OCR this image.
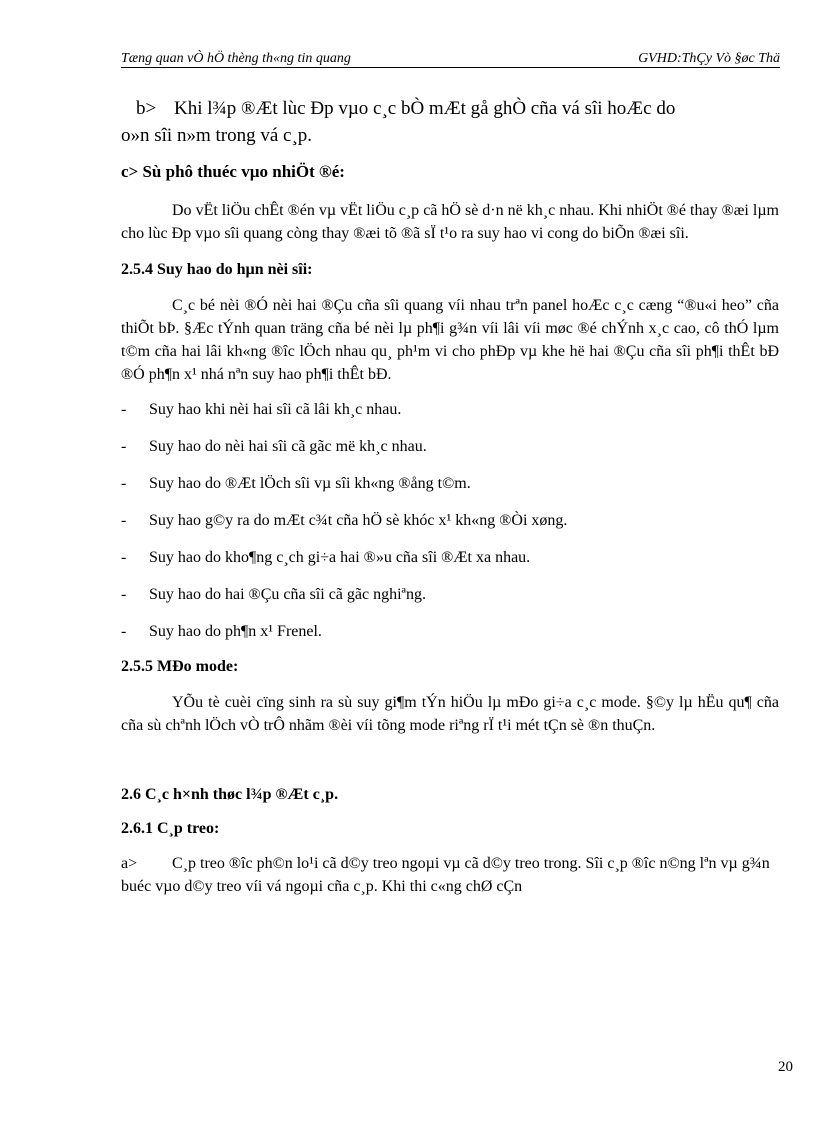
Tæng quan vÒ hÖ thèng th«ng tin quang	GVHD:ThÇy Vò §øc Thä

b> Khi l¾p ®Æt lùc Ðp vµo c¸c bÒ mÆt gå ghÒ cña vá sîi hoÆc do

o»n sîi n»m trong vá c¸p.

c> Sù phô thuéc vµo nhiÖt ®é:

Do vËt liÖu chÊt ®én vµ vËt liÖu c¸p cã hÖ sè d·n në kh¸c nhau. Khi nhiÖt ®é thay ®æi lµm cho lùc Ðp vµo sîi quang còng thay ®æi tõ ®ã sÏ t¹o ra suy hao vi cong do biÕn ®æi sîi.

2.5.4 Suy hao do hµn nèi sîi:

C¸c bé nèi ®Ó nèi hai ®Çu cña sîi quang víi nhau trªn panel hoÆc c¸c cæng “®u«i heo” cña thiÕt bÞ. §Æc tÝnh quan träng cña bé nèi lµ ph¶i g¾n víi lâi víi møc ®é chÝnh x¸c cao, cô thÓ lµm t©m cña hai lâi kh«ng ®îc lÖch nhau qu¸ ph¹m vi cho phÐp vµ khe hë hai ®Çu cña sîi ph¶i thÊt bÐ ®Ó ph¶n x¹ nhá nªn suy hao ph¶i thÊt bÐ.

- Suy hao khi nèi hai sîi cã lâi kh¸c nhau.
- Suy hao do nèi hai sîi cã gãc më kh¸c nhau.
- Suy hao do ®Æt lÖch sîi vµ sîi kh«ng ®ång t©m.
- Suy hao g©y ra do mÆt c¾t cña hÖ sè khóc x¹ kh«ng ®Òi xøng.
- Suy hao do kho¶ng c¸ch gi÷a hai ®»u cña sîi ®Æt xa nhau.
- Suy hao do hai ®Çu cña sîi cã gãc nghiªng.
- Suy hao do ph¶n x¹ Frenel.

2.5.5 MÐo mode:

YÕu tè cuèi cïng sinh ra sù suy gi¶m tÝn hiÖu lµ mÐo gi÷a c¸c mode. §©y lµ hËu qu¶ cña cña sù chªnh lÖch vÒ trÔ nhãm ®èi víi tõng mode riªng rÏ t¹i mét tÇn sè ®n thuÇn.

2.6 C¸c h×nh thøc l¾p ®Æt c¸p.

2.6.1 C¸p treo:

a> C¸p treo ®îc ph©n lo¹i cã d©y treo ngoµi vµ cã d©y treo trong. Sîi c¸p ®îc n©ng lªn vµ g¾n buéc vµo d©y treo víi vá ngoµi cña c¸p. Khi thi c«ng chØ cÇn

20
